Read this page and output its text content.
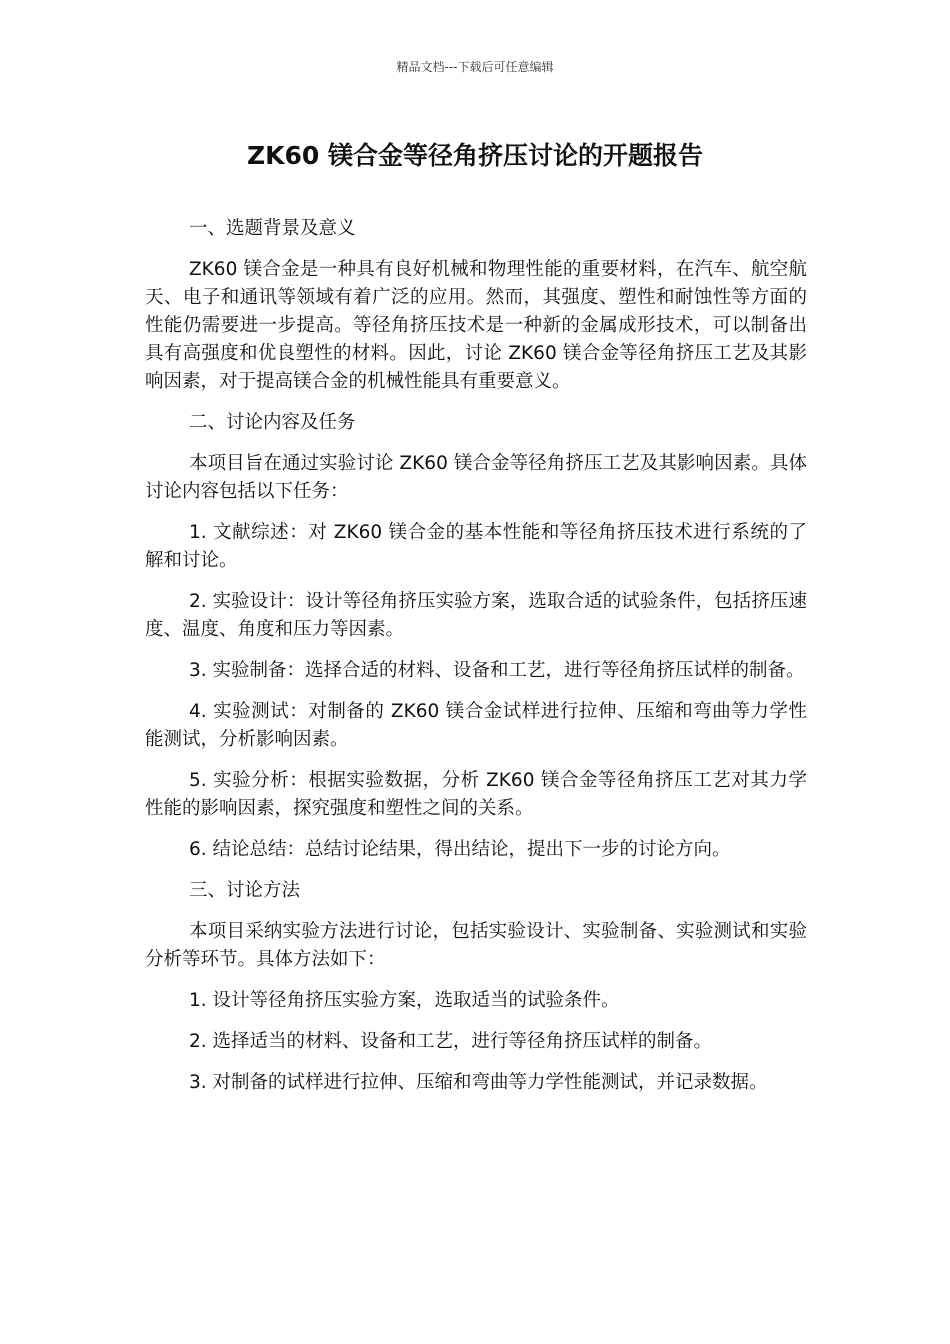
精品文档---下载后可任意编辑
ZK60 镁合金等径角挤压讨论的开题报告

一、选题背景及意义

ZK60 镁合金是一种具有良好机械和物理性能的重要材料，在汽车、航空航天、电子和通讯等领域有着广泛的应用。然而，其强度、塑性和耐蚀性等方面的性能仍需要进一步提高。等径角挤压技术是一种新的金属成形技术，可以制备出具有高强度和优良塑性的材料。因此，讨论 ZK60 镁合金等径角挤压工艺及其影响因素，对于提高镁合金的机械性能具有重要意义。

二、讨论内容及任务

本项目旨在通过实验讨论 ZK60 镁合金等径角挤压工艺及其影响因素。具体讨论内容包括以下任务：

1. 文献综述：对 ZK60 镁合金的基本性能和等径角挤压技术进行系统的了解和讨论。

2. 实验设计：设计等径角挤压实验方案，选取合适的试验条件，包括挤压速度、温度、角度和压力等因素。

3. 实验制备：选择合适的材料、设备和工艺，进行等径角挤压试样的制备。

4. 实验测试：对制备的 ZK60 镁合金试样进行拉伸、压缩和弯曲等力学性能测试，分析影响因素。

5. 实验分析：根据实验数据，分析 ZK60 镁合金等径角挤压工艺对其力学性能的影响因素，探究强度和塑性之间的关系。

6. 结论总结：总结讨论结果，得出结论，提出下一步的讨论方向。

三、讨论方法

本项目采纳实验方法进行讨论，包括实验设计、实验制备、实验测试和实验分析等环节。具体方法如下：

1. 设计等径角挤压实验方案，选取适当的试验条件。

2. 选择适当的材料、设备和工艺，进行等径角挤压试样的制备。

3. 对制备的试样进行拉伸、压缩和弯曲等力学性能测试，并记录数据。
